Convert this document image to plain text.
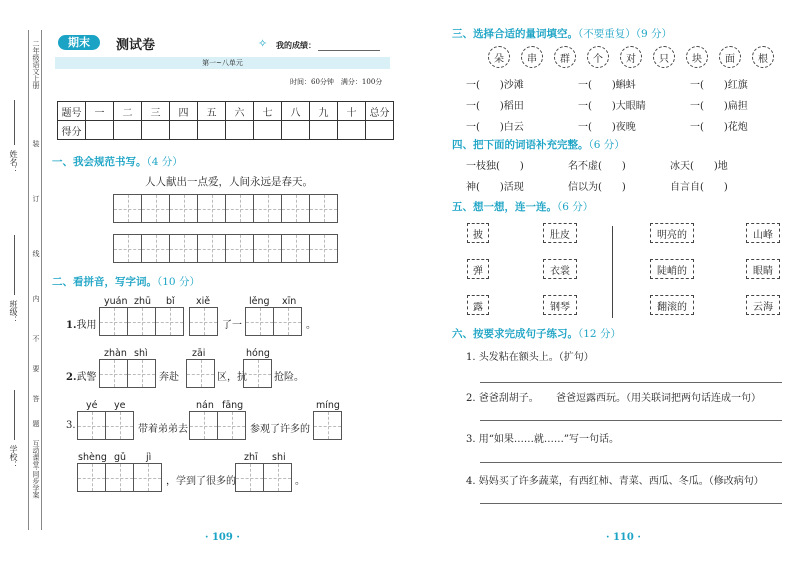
二年级语文上册
互动课堂·同步学案
姓名：
班级：
学校：
装
订
线
内
不
要
答
题
期末	测试卷	✧ 我的成绩：
第一~八单元
时间：60分钟　满分：100分
题号	一	二	三	四	五	六	七	八	九	十	总分
得分											
一、我会规范书写。（4 分）
人人献出一点爱，人间永远是春天。
二、看拼音，写字词。（10 分）
yuán zhū bǐ xiě	lěng xīn
1.我用	了一	。
zhàn shì	zāi	hóng
2.武警	奔赴	区，抗	抢险。
yé ye	nán fāng	míng
3.	带着弟弟去	参观了许多的
shèng gǔ jì	zhī shi
，学到了很多的	。
· 109 ·
三、选择合适的量词填空。（不要重复）（9 分）
朵	串	群	个	对	只	块	面	根
一(　　)沙滩	一(　　)蝌蚪	一(　　)红旗
一(　　)稻田	一(　　)大眼睛	一(　　)扁担
一(　　)白云	一(　　)夜晚	一(　　)花炮
四、把下面的词语补充完整。（6 分）
一枝独(　　)	名不虚(　　)	冰天(　　)地
神(　　)活现	信以为(　　)	自言自(　　)
五、想一想，连一连。（6 分）
披
弹
露
肚皮
衣裳
钢琴
明亮的
陡峭的
翻滚的
山峰
眼睛
云海
六、按要求完成句子练习。（12 分）
1. 头发粘在额头上。（扩句）
2. 爸爸刮胡子。 爸爸逗露西玩。（用关联词把两句话连成一句）
3. 用“如果……就……”写一句话。
4. 妈妈买了许多蔬菜，有西红柿、青菜、西瓜、冬瓜。（修改病句）
· 110 ·
